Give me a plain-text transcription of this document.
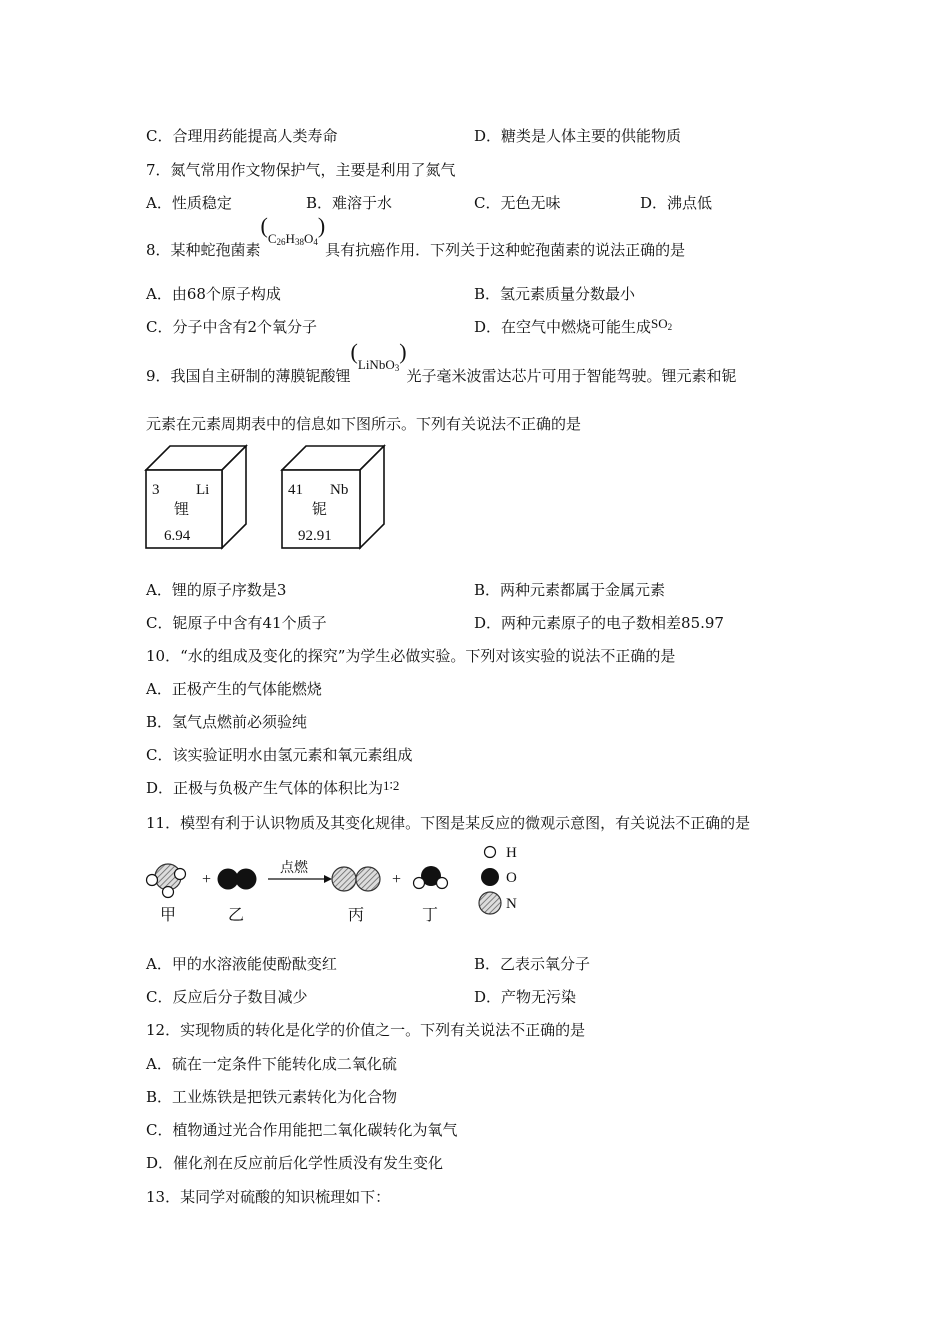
C．合理用药能提高人类寿命	D．糖类是人体主要的供能物质
7．氮气常用作文物保护气，主要是利用了氮气
A．性质稳定	B．难溶于水	C．无色无味	D．沸点低
8．某种蛇孢菌素$(C_{26}H_{38}O_4)$具有抗癌作用．下列关于这种蛇孢菌素的说法正确的是
A．由68个原子构成	B．氢元素质量分数最小
C．分子中含有2个氧分子	D．在空气中燃烧可能生成$SO_2$
9．我国自主研制的薄膜铌酸锂(LiNbO$_3$)光子毫米波雷达芯片可用于智能驾驶。锂元素和铌
元素在元素周期表中的信息如下图所示。下列有关说法不正确的是
3 Li
锂
6.94
41 Nb
铌
92.91
A．锂的原子序数是3	B．两种元素都属于金属元素
C．铌原子中含有41个质子	D．两种元素原子的电子数相差85.97
10．“水的组成及变化的探究”为学生必做实验。下列对该实验的说法不正确的是
A．正极产生的气体能燃烧
B．氢气点燃前必须验纯
C．该实验证明水由氢元素和氧元素组成
D．正极与负极产生气体的体积比为1∶2
11．模型有利于认识物质及其变化规律。下图是某反应的微观示意图，有关说法不正确的是
+
点燃
+
甲	乙	丙	丁
H
O
N
A．甲的水溶液能使酚酞变红	B．乙表示氧分子
C．反应后分子数目减少	D．产物无污染
12．实现物质的转化是化学的价值之一。下列有关说法不正确的是
A．硫在一定条件下能转化成二氧化硫
B．工业炼铁是把铁元素转化为化合物
C．植物通过光合作用能把二氧化碳转化为氧气
D．催化剂在反应前后化学性质没有发生变化
13．某同学对硫酸的知识梳理如下：
